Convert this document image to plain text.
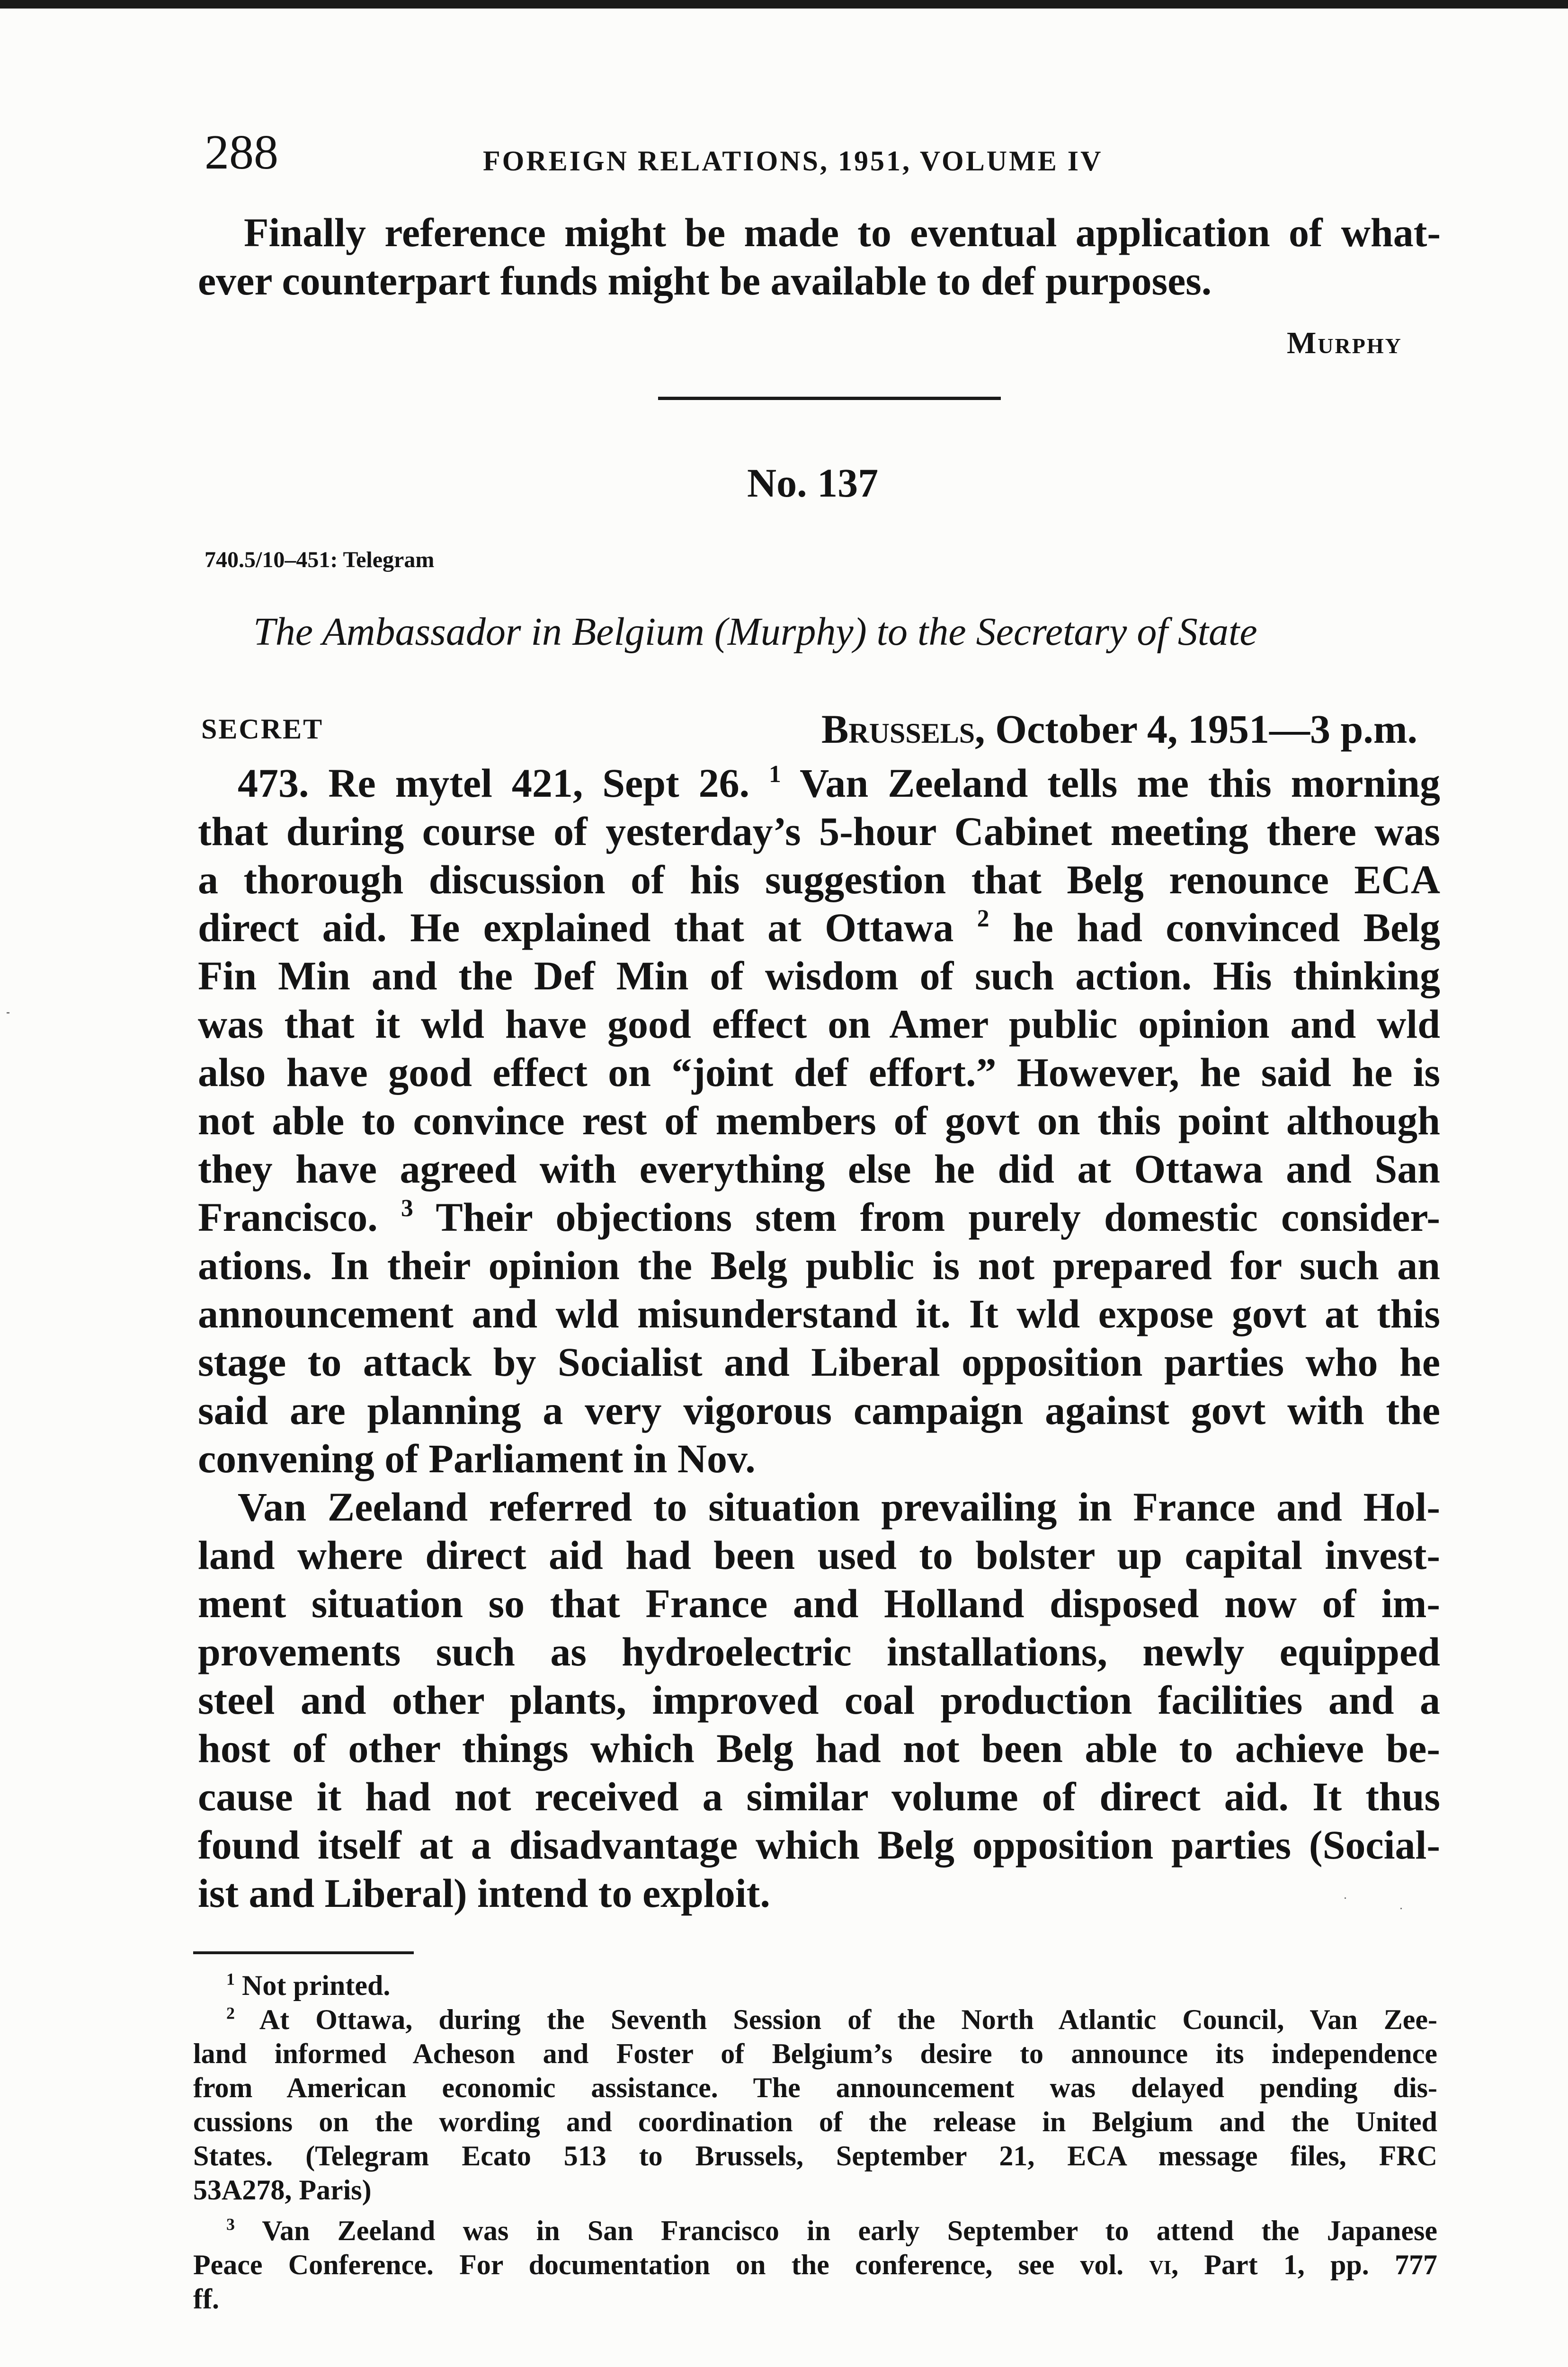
288	FOREIGN RELATIONS, 1951, VOLUME IV
Finally reference might be made to eventual application of what-
ever counterpart funds might be available to def purposes.
Murphy
No. 137
740.5/10–451: Telegram
The Ambassador in Belgium (Murphy) to the Secretary of State
SECRET	Brussels, October 4, 1951—3 p.m.
473. Re mytel 421, Sept 26. $^1$ Van Zeeland tells me this morning
that during course of yesterday’s 5-hour Cabinet meeting there was
a thorough discussion of his suggestion that Belg renounce ECA
direct aid. He explained that at Ottawa $^2$ he had convinced Belg
Fin Min and the Def Min of wisdom of such action. His thinking
was that it wld have good effect on Amer public opinion and wld
also have good effect on “joint def effort.” However, he said he is
not able to convince rest of members of govt on this point although
they have agreed with everything else he did at Ottawa and San
Francisco. $^3$ Their objections stem from purely domestic consider-
ations. In their opinion the Belg public is not prepared for such an
announcement and wld misunderstand it. It wld expose govt at this
stage to attack by Socialist and Liberal opposition parties who he
said are planning a very vigorous campaign against govt with the
convening of Parliament in Nov.
Van Zeeland referred to situation prevailing in France and Hol-
land where direct aid had been used to bolster up capital invest-
ment situation so that France and Holland disposed now of im-
provements such as hydroelectric installations, newly equipped
steel and other plants, improved coal production facilities and a
host of other things which Belg had not been able to achieve be-
cause it had not received a similar volume of direct aid. It thus
found itself at a disadvantage which Belg opposition parties (Social-
ist and Liberal) intend to exploit.
$^1$ Not printed.
$^2$ At Ottawa, during the Seventh Session of the North Atlantic Council, Van Zee-
land informed Acheson and Foster of Belgium’s desire to announce its independence
from American economic assistance. The announcement was delayed pending dis-
cussions on the wording and coordination of the release in Belgium and the United
States. (Telegram Ecato 513 to Brussels, September 21, ECA message files, FRC
53A278, Paris)
$^3$ Van Zeeland was in San Francisco in early September to attend the Japanese
Peace Conference. For documentation on the conference, see vol. vi, Part 1, pp. 777
ff.
